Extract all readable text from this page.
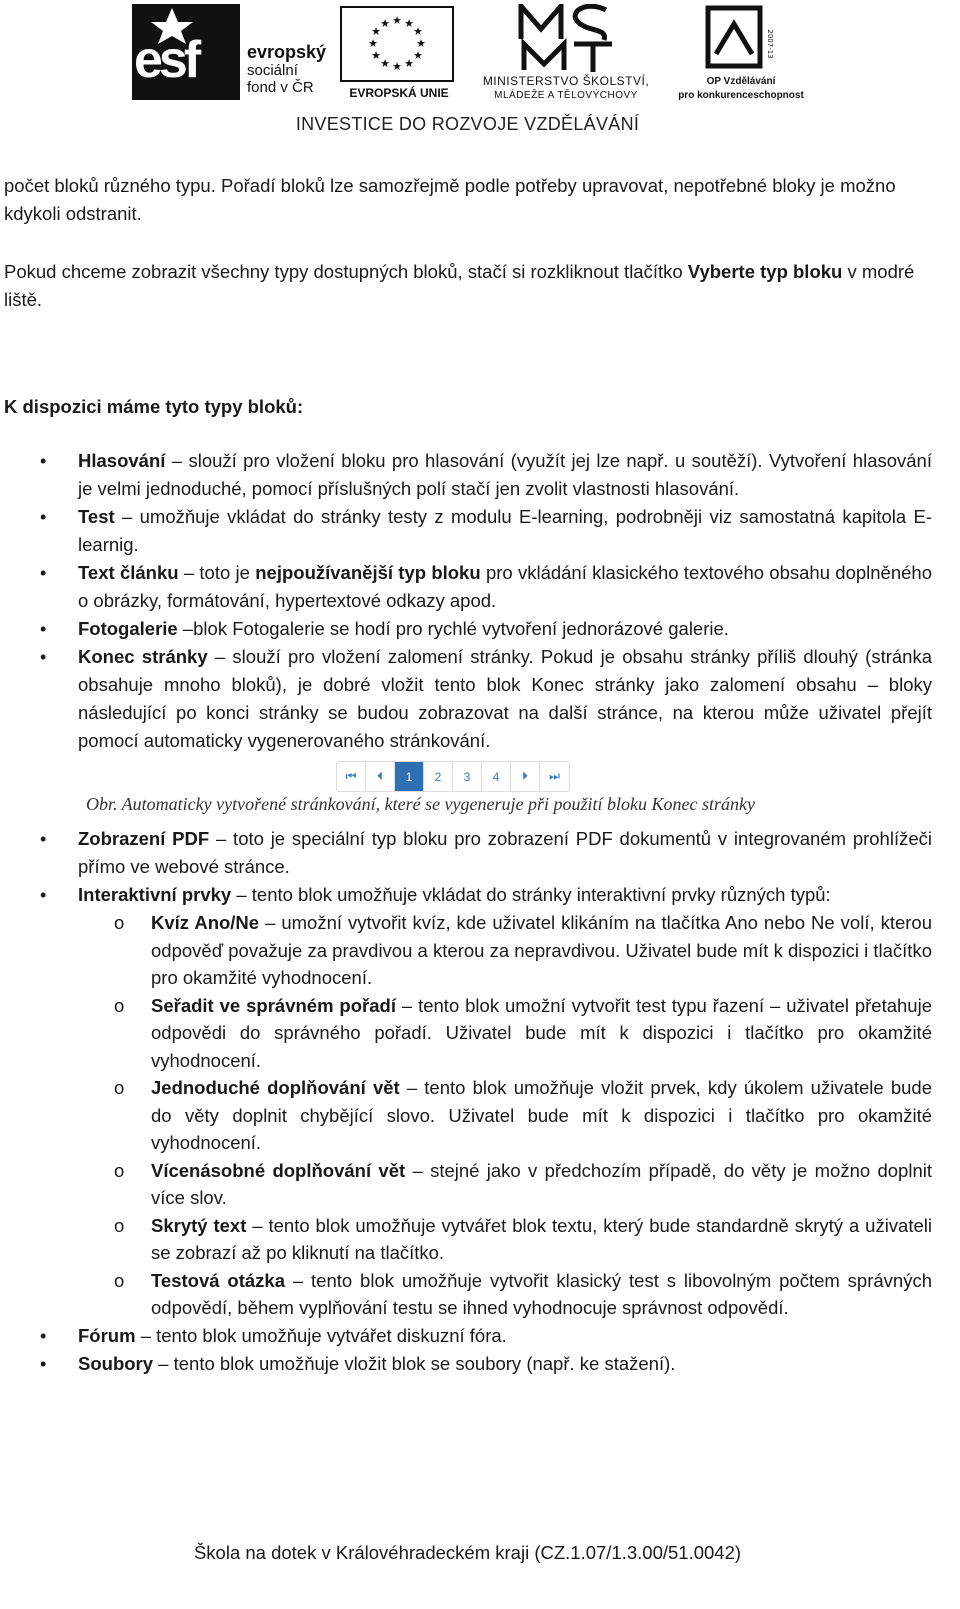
esf	evropský
sociální
fond v ČR
★ ★
★
★
★
★
★
★
★
★
★
★
EVROPSKÁ UNIE
MINISTERSTVO ŠKOLSTVÍ,
MLÁDEŽE A TĚLOVÝCHOVY
2007-13
OP Vzdělávání
pro konkurenceschopnost
INVESTICE DO ROZVOJE VZDĚLÁVÁNÍ
počet bloků různého typu. Pořadí bloků lze samozřejmě podle potřeby upravovat, nepotřebné bloky je možno kdykoli odstranit.
Pokud chceme zobrazit všechny typy dostupných bloků, stačí si rozkliknout tlačítko Vyberte typ bloku v modré liště.
K dispozici máme tyto typy bloků:
• Hlasování – slouží pro vložení bloku pro hlasování (využít jej lze např. u soutěží). Vytvoření hlasování je velmi jednoduché, pomocí příslušných polí stačí jen zvolit vlastnosti hlasování.
• Test – umožňuje vkládat do stránky testy z modulu E-learning, podrobněji viz samostatná kapitola E-learnig.
• Text článku – toto je nejpoužívanější typ bloku pro vkládání klasického textového obsahu doplněného o obrázky, formátování, hypertextové odkazy apod.
• Fotogalerie –blok Fotogalerie se hodí pro rychlé vytvoření jednorázové galerie.
• Konec stránky – slouží pro vložení zalomení stránky. Pokud je obsahu stránky příliš dlouhý (stránka obsahuje mnoho bloků), je dobré vložit tento blok Konec stránky jako zalomení obsahu – bloky následující po konci stránky se budou zobrazovat na další stránce, na kterou může uživatel přejít pomocí automaticky vygenerovaného stránkování.
⏮	⏴	1	2	3	4	⏵	⏭
Obr. Automaticky vytvořené stránkování, které se vygeneruje při použití bloku Konec stránky
• Zobrazení PDF – toto je speciální typ bloku pro zobrazení PDF dokumentů v integrovaném prohlížeči přímo ve webové stránce.
• Interaktivní prvky – tento blok umožňuje vkládat do stránky interaktivní prvky různých typů:
o Kvíz Ano/Ne – umožní vytvořit kvíz, kde uživatel klikáním na tlačítka Ano nebo Ne volí, kterou odpověď považuje za pravdivou a kterou za nepravdivou. Uživatel bude mít k dispozici i tlačítko pro okamžité vyhodnocení.
o Seřadit ve správném pořadí – tento blok umožní vytvořit test typu řazení – uživatel přetahuje odpovědi do správného pořadí. Uživatel bude mít k dispozici i tlačítko pro okamžité vyhodnocení.
o Jednoduché doplňování vět – tento blok umožňuje vložit prvek, kdy úkolem uživatele bude do věty doplnit chybějící slovo. Uživatel bude mít k dispozici i tlačítko pro okamžité vyhodnocení.
o Vícenásobné doplňování vět – stejné jako v předchozím případě, do věty je možno doplnit více slov.
o Skrytý text – tento blok umožňuje vytvářet blok textu, který bude standardně skrytý a uživateli se zobrazí až po kliknutí na tlačítko.
o Testová otázka – tento blok umožňuje vytvořit klasický test s libovolným počtem správných odpovědí, během vyplňování testu se ihned vyhodnocuje správnost odpovědí.
• Fórum – tento blok umožňuje vytvářet diskuzní fóra.
• Soubory – tento blok umožňuje vložit blok se soubory (např. ke stažení).
Škola na dotek v Královéhradeckém kraji (CZ.1.07/1.3.00/51.0042)
